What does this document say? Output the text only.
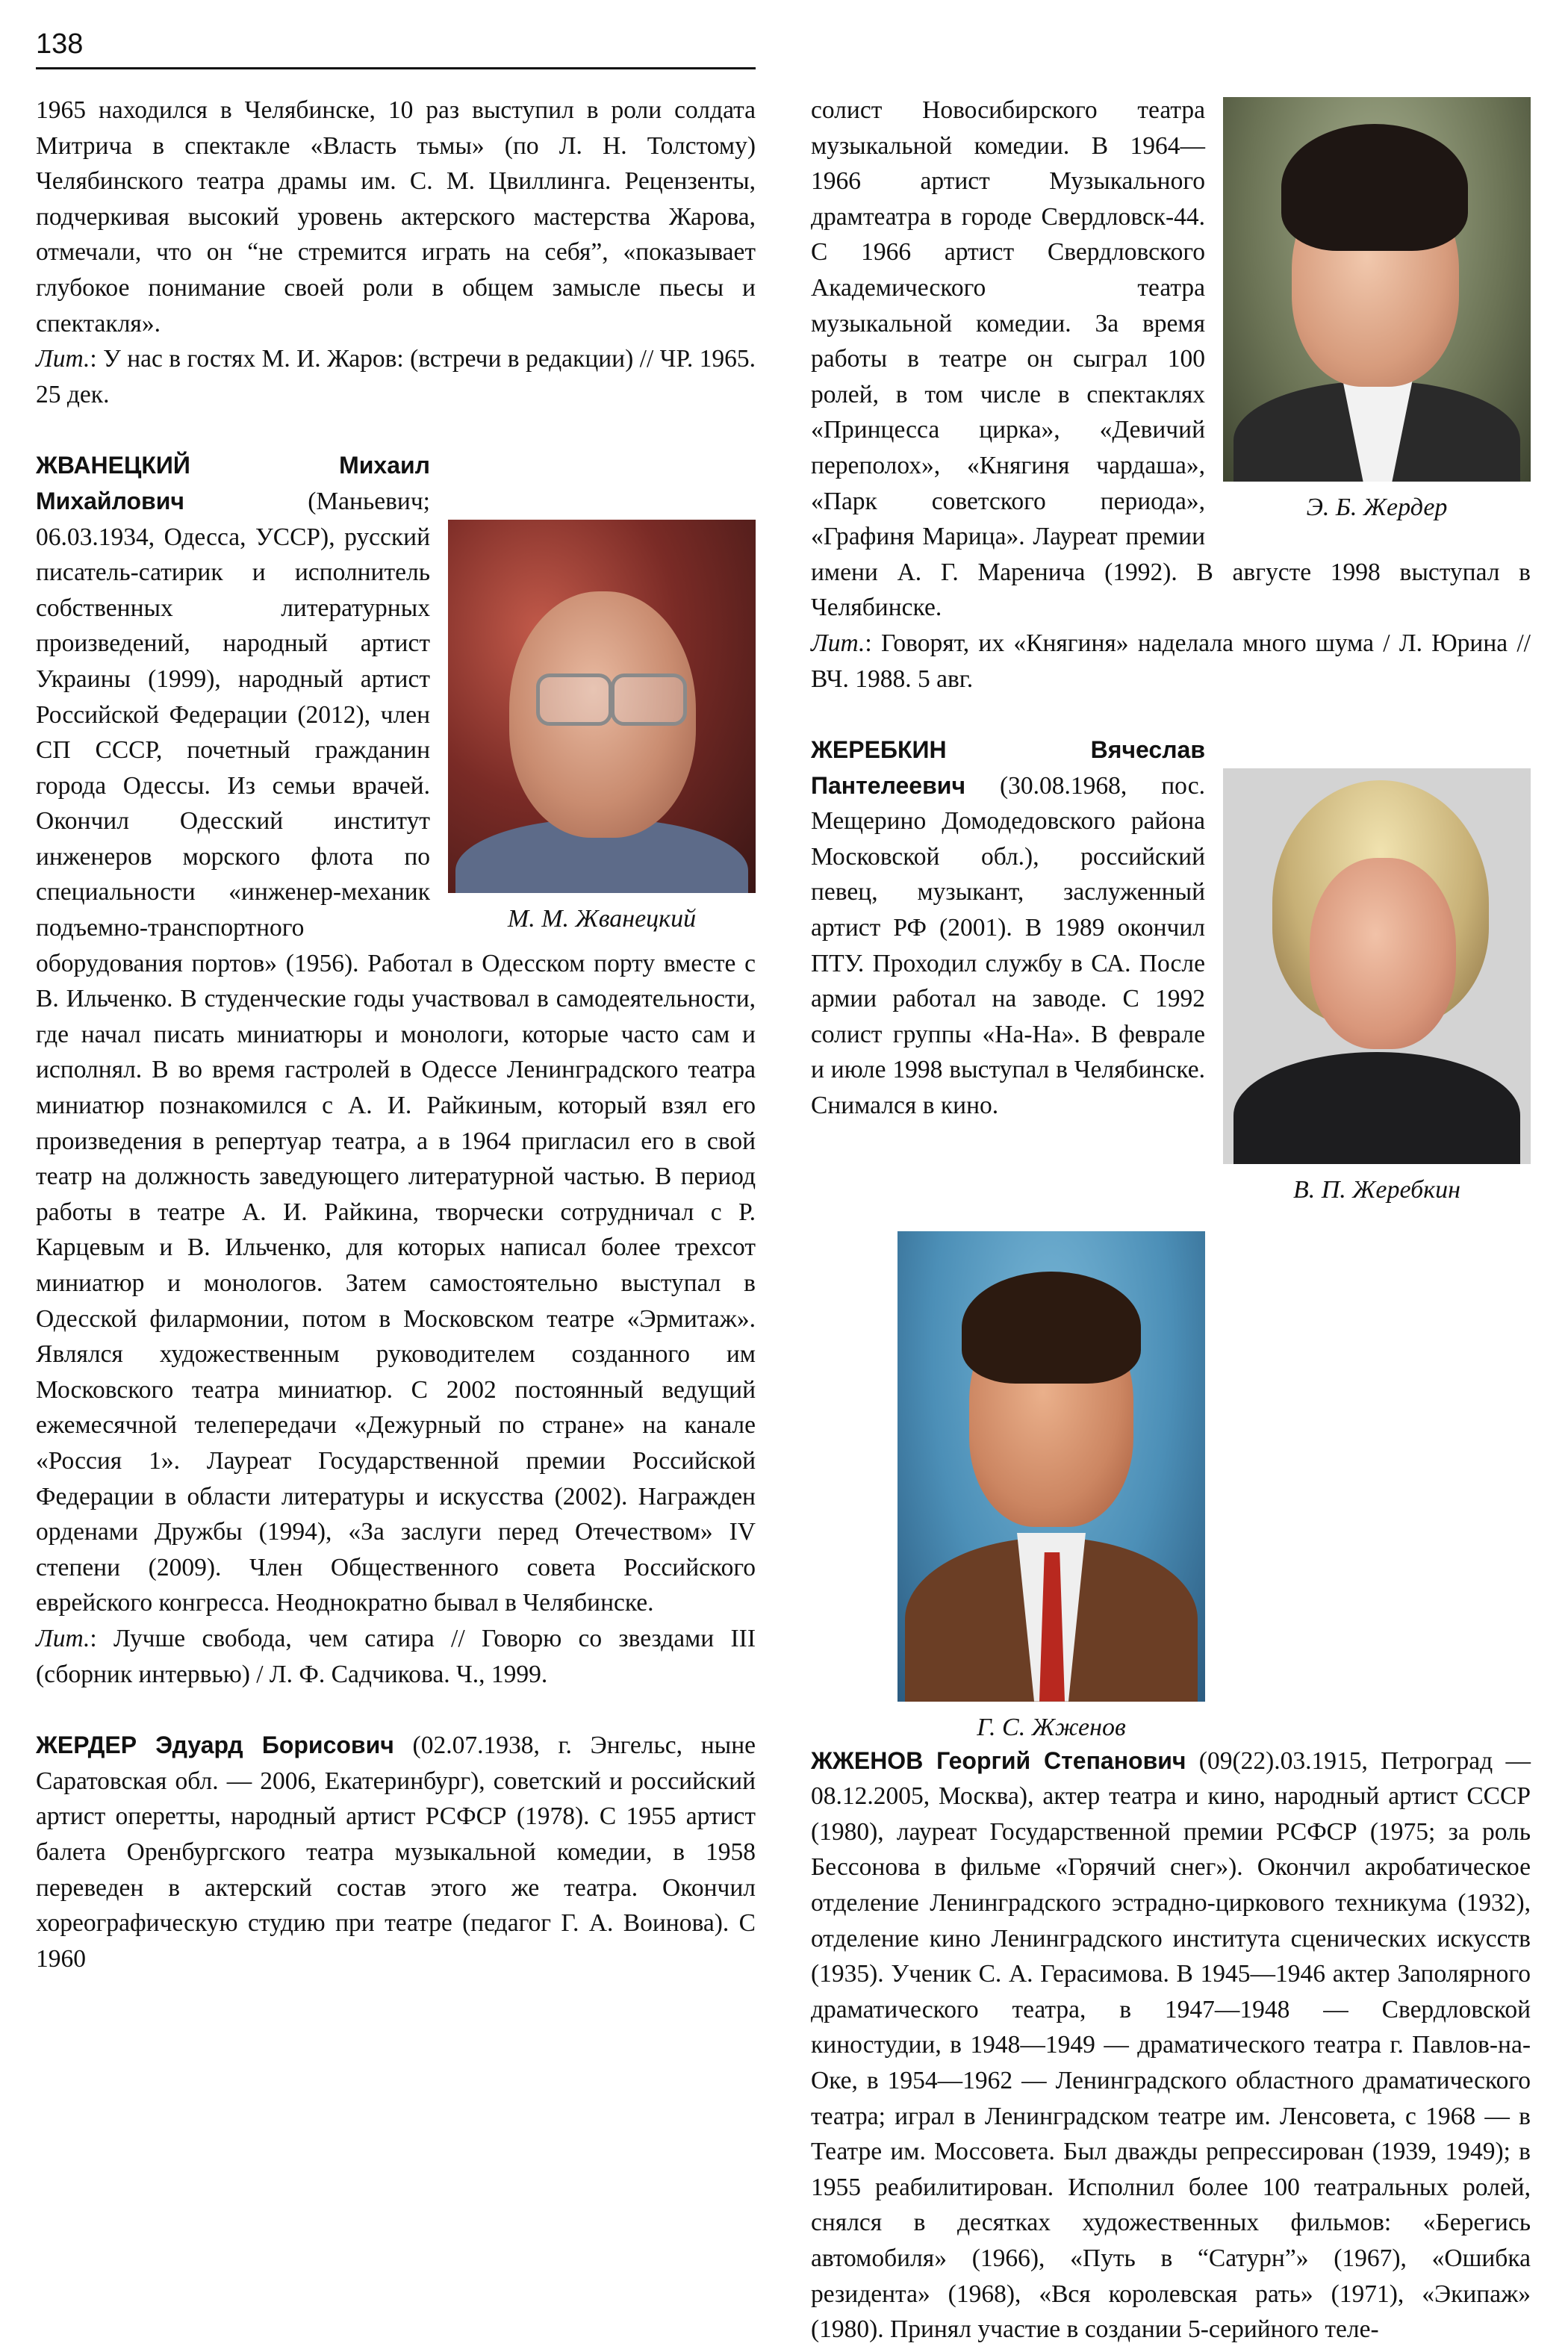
138

1965 находился в Челябинске, 10 раз выступил в роли солдата Митрича в спектакле «Власть тьмы» (по Л. Н. Толстому) Челябинского театра драмы им. С. М. Цвиллинга. Рецензенты, подчеркивая высокий уровень актерского мастерства Жарова, отмечали, что он “не стремится играть на себя”, «показывает глубокое понимание своей роли в общем замысле пьесы и спектакля».

Лит.: У нас в гостях М. И. Жаров: (встречи в редакции) // ЧР. 1965. 25 дек.

М. М. Жванецкий

ЖВАНЕЦКИЙ Михаил Михайлович (Маньевич; 06.03.1934, Одесса, УССР), русский писатель-сатирик и исполнитель собственных литературных произведений, народный артист Украины (1999), народный артист Российской Федерации (2012), член СП СССР, почетный гражданин города Одессы. Из семьи врачей. Окончил Одесский институт инженеров морского флота по специальности «инженер-механик подъемно-транспортного оборудования портов» (1956). Работал в Одесском порту вместе с В. Ильченко. В студенческие годы участвовал в самодеятельности, где начал писать миниатюры и монологи, которые часто сам и исполнял. В во время гастролей в Одессе Ленинградского театра миниатюр познакомился с А. И. Райкиным, который взял его произведения в репертуар театра, а в 1964 пригласил его в свой театр на должность заведующего литературной частью. В период работы в театре А. И. Райкина, творчески сотрудничал с Р. Карцевым и В. Ильченко, для которых написал более трехсот миниатюр и монологов. Затем самостоятельно выступал в Одесской филармонии, потом в Московском театре «Эрмитаж». Являлся художественным руководителем созданного им Московского театра миниатюр. С 2002 постоянный ведущий ежемесячной телепередачи «Дежурный по стране» на канале «Россия 1». Лауреат Государственной премии Российской Федерации в области литературы и искусства (2002). Награжден орденами Дружбы (1994), «За заслуги перед Отечеством» IV степени (2009). Член Общественного совета Российского еврейского конгресса. Неоднократно бывал в Челябинске.

Лит.: Лучше свобода, чем сатира // Говорю со звездами III (сборник интервью) / Л. Ф. Садчикова. Ч., 1999.

ЖЕРДЕР Эдуард Борисович (02.07.1938, г. Энгельс, ныне Саратовская обл. — 2006, Екатеринбург), советский и российский артист оперетты, народный артист РСФСР (1978). С 1955 артист балета Оренбургского театра музыкальной комедии, в 1958 переведен в актерский состав этого же театра. Окончил хореографическую студию при театре (педагог Г. А. Воинова). С 1960

Э. Б. Жердер

солист Новосибирского театра музыкальной комедии. В 1964—1966 артист Музыкального драмтеатра в городе Свердловск-44. С 1966 артист Свердловского Академического театра музыкальной комедии. За время работы в театре он сыграл 100 ролей, в том числе в спектаклях «Принцесса цирка», «Девичий переполох», «Княгиня чардаша», «Парк советского периода», «Графиня Марица». Лауреат премии имени А. Г. Маренича (1992). В августе 1998 выступал в Челябинске.

Лит.: Говорят, их «Княгиня» наделала много шума / Л. Юрина // ВЧ. 1988. 5 авг.

В. П. Жеребкин

ЖЕРЕБКИН Вячеслав Пантелеевич (30.08.1968, пос. Мещерино Домодедовского района Московской обл.), российский певец, музыкант, заслуженный артист РФ (2001). В 1989 окончил ПТУ. Проходил службу в СА. После армии работал на заводе. С 1992 солист группы «На-На». В феврале и июле 1998 выступал в Челябинске. Снимался в кино.

Г. С. Жженов

ЖЖЕНОВ Георгий Степанович (09(22).03.1915, Петроград — 08.12.2005, Москва), актер театра и кино, народный артист СССР (1980), лауреат Государственной премии РСФСР (1975; за роль Бессонова в фильме «Горячий снег»). Окончил акробатическое отделение Ленинградского эстрадно-циркового техникума (1932), отделение кино Ленинградского института сценических искусств (1935). Ученик С. А. Герасимова. В 1945—1946 актер Заполярного драматического театра, в 1947—1948 — Свердловской киностудии, в 1948—1949 — драматического театра г. Павлов-на-Оке, в 1954—1962 — Ленинградского областного драматического театра; играл в Ленинградском театре им. Ленсовета, с 1968 — в Театре им. Моссовета. Был дважды репрессирован (1939, 1949); в 1955 реабилитирован. Исполнил более 100 театральных ролей, снялся в десятках художественных фильмов: «Берегись автомобиля» (1966), «Путь в “Сатурн”» (1967), «Ошибка резидента» (1968), «Вся королевская рать» (1971), «Экипаж» (1980). Принял участие в создании 5-серийного теле-
